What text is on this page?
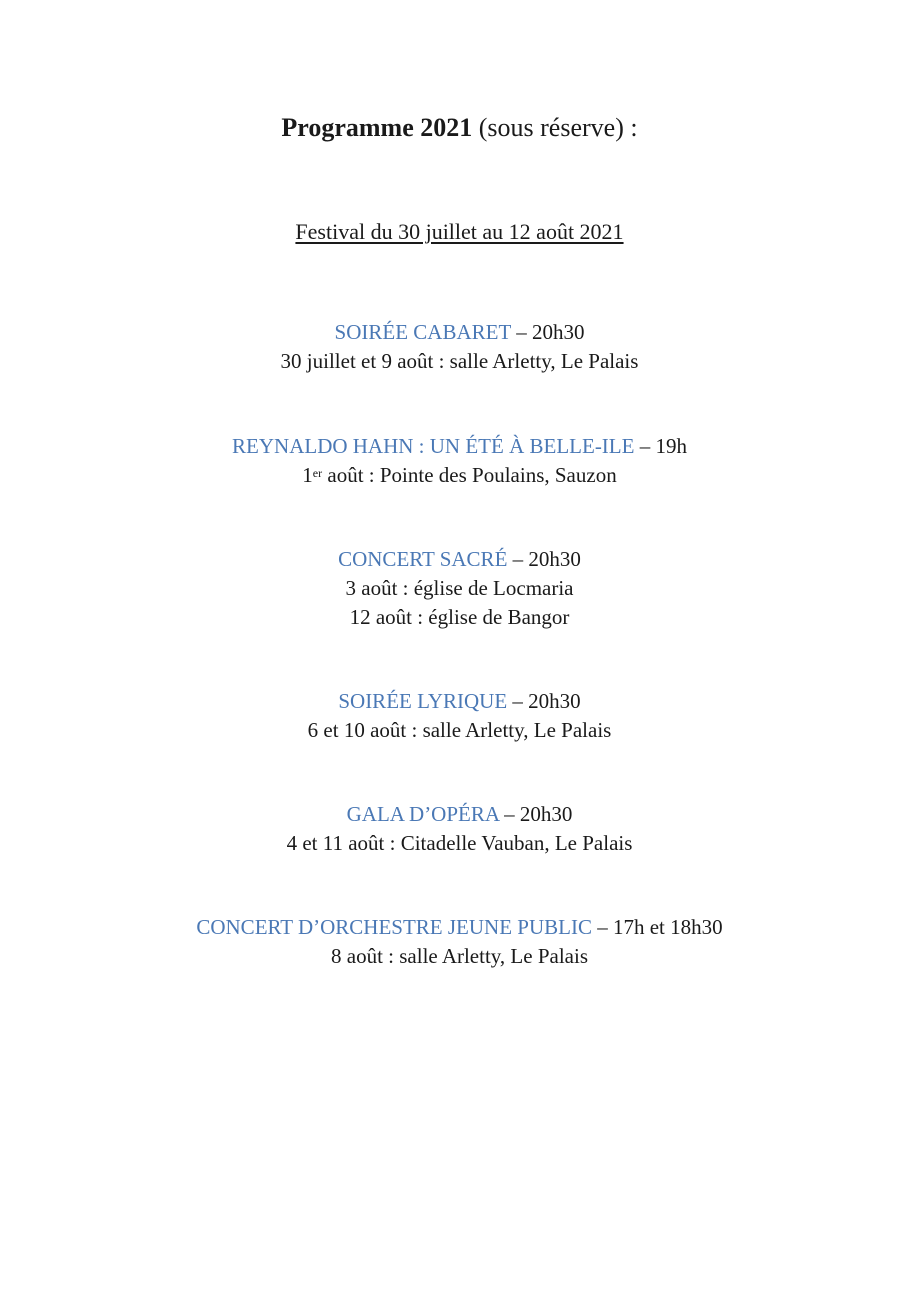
Programme 2021 (sous réserve) :
Festival du 30 juillet au 12 août 2021
SOIRÉE CABARET – 20h30
30 juillet et 9 août : salle Arletty, Le Palais
REYNALDO HAHN : UN ÉTÉ À BELLE-ILE – 19h
1er août : Pointe des Poulains, Sauzon
CONCERT SACRÉ – 20h30
3 août : église de Locmaria
12 août : église de Bangor
SOIRÉE LYRIQUE – 20h30
6 et 10 août : salle Arletty, Le Palais
GALA D’OPÉRA – 20h30
4 et 11 août : Citadelle Vauban, Le Palais
CONCERT D’ORCHESTRE JEUNE PUBLIC – 17h et 18h30
8 août : salle Arletty, Le Palais
